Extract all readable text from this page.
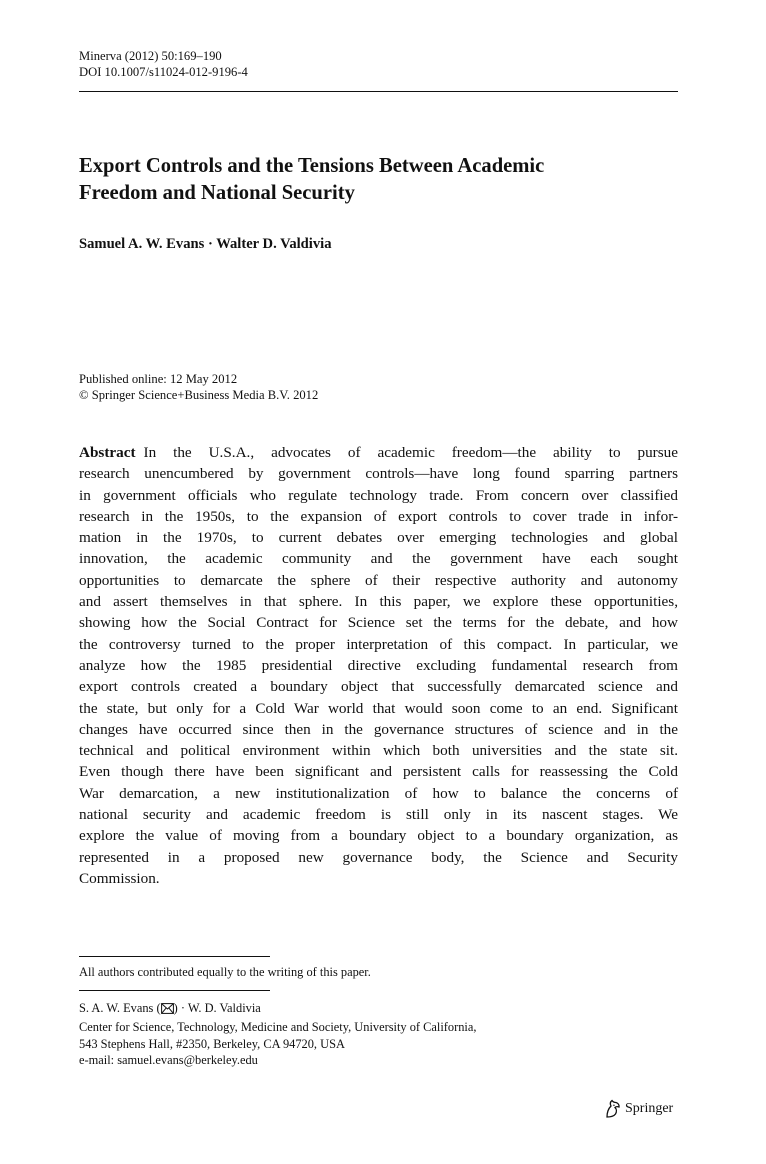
Minerva (2012) 50:169–190
DOI 10.1007/s11024-012-9196-4
Export Controls and the Tensions Between Academic
Freedom and National Security
Samuel A. W. Evans · Walter D. Valdivia
Published online: 12 May 2012
© Springer Science+Business Media B.V. 2012
Abstract In the U.S.A., advocates of academic freedom—the ability to pursue
research unencumbered by government controls—have long found sparring partners
in government officials who regulate technology trade. From concern over classified
research in the 1950s, to the expansion of export controls to cover trade in infor-
mation in the 1970s, to current debates over emerging technologies and global
innovation, the academic community and the government have each sought
opportunities to demarcate the sphere of their respective authority and autonomy
and assert themselves in that sphere. In this paper, we explore these opportunities,
showing how the Social Contract for Science set the terms for the debate, and how
the controversy turned to the proper interpretation of this compact. In particular, we
analyze how the 1985 presidential directive excluding fundamental research from
export controls created a boundary object that successfully demarcated science and
the state, but only for a Cold War world that would soon come to an end. Significant
changes have occurred since then in the governance structures of science and in the
technical and political environment within which both universities and the state sit.
Even though there have been significant and persistent calls for reassessing the Cold
War demarcation, a new institutionalization of how to balance the concerns of
national security and academic freedom is still only in its nascent stages. We
explore the value of moving from a boundary object to a boundary organization, as
represented in a proposed new governance body, the Science and Security
Commission.
All authors contributed equally to the writing of this paper.
S. A. W. Evans ( ) · W. D. Valdivia
Center for Science, Technology, Medicine and Society, University of California,
543 Stephens Hall, #2350, Berkeley, CA 94720, USA
e-mail: samuel.evans@berkeley.edu
Springer
